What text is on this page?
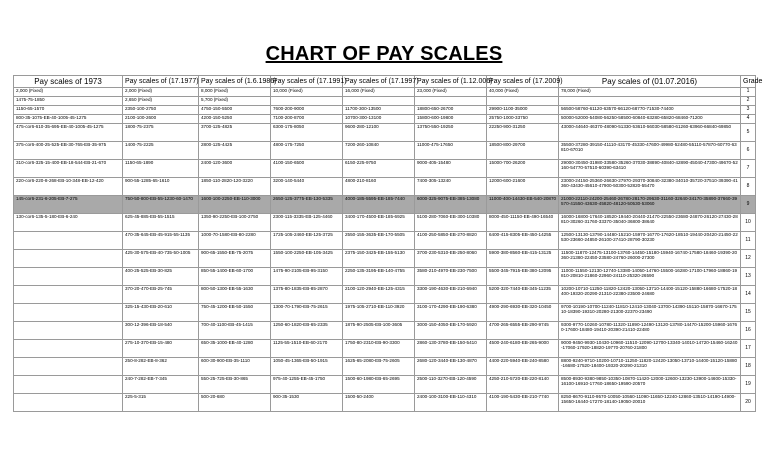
CHART OF PAY SCALES
Pay scales of 1973	Pay scales of (17.1977)	Pay scales of (1.6.1986)	Pay scales of (17.1991)	Pay scales of (17.1997)	Pay scales of (1.12.006)	Pay scales of (17.2009)	Pay scales of (01.07.2016)	Grade
2,000 (Fixed)	2,000 (Fixed)	8,000 (Fixed)	10,000 (Fixed)	16,000 (Fixed)	23,000 (Fixed)	40,000 (Fixed)	78,000 (Fixed)	1
1475-75-1850	2,650 (Fixed)	5,700 (Fixed)						2
1150-65-1570	2350-100-2750	4750-150-5500	7600-200-9000	11700-300-13500	18800-650-26700	29900-1100-35000	56500-58760-61120-63570-66120-68770-71530-74400	3
800-35-1075-EB-40-1005-45-1275	2100-100-2600	4200-150-5250	7100-200-8700	10700-300-13100	15800-600-19800	25750-1000-33750	50000-52000-54080-56250-58500-60840-63280-65820-68460-71200	4
475-cor6-610-35-695-EB-40-1005-45-1275	1800-75-2375	3700-125-4825	6300-175-8050	9600-280-12100	13750-550-19250	22250-900-31250	43000-44640-46370-48090-51330-53610-56030-58580-61260-63960-66840-69850	5
375-cor6-400-25-525-EB-30-765-EB-35-975	1400-75-2225	2800-125-4425	4800-175-7250	7200-260-10840	11000-475-17650	18500-800-29700	35500-37280-39150-41110-43170-45330-47600-49980-52480-55110-57870-60770-63810-67010	6
310-cor6-325-15-400-EB-18-544-EB-21-670	1150-65-1890	2400-120-3600	4100-150-6500	6150-225-9750	9000-405-15480	15000-700-26200	29000-30450-31980-33580-35260-37030-38890-40840-42890-45040-47300-49670-52160-54770-57510-60390-63410	7
220-cor6-220-8-268-EB-10-348-EB-12-420	900-55-1285-65-1610	1850-110-2820-120-3220	3200-140-5440	4800-210-8160	7400-305-13240	12000-600-21600	23000-24150-25360-26630-27970-29370-30840-32380-34010-35720-37510-39390-41360-43430-45610-47900-50300-52820-55470	8
145-cor6-231-6-205-EB-7-275	750-50-800-EB-55-1230-60-1470	1600-100-2250-EB-110-3000	2650-125-3775-EB-130-5335	4000-185-5595-EB-185-7440	6000-325-9075-EB-385-13080	11000-400-14430-EB-540-20870	21000-22110-24200-25460-26780-28170-29630-31160-32640-34170-35890-37660-39570-41550-43630-45820-48120-50530-53060	9
130-cor6-135-5-180-EB-6-240	625-45-885-EB-55-1515	1350-90-2250-EB-100-2750	2300-115-3335-EB-125-4460	3400-170-4500-EB-185-6925	5100-280-7060-EB-300-10380	8000-450-11150-EB-490-16540	16000-16800-17640-18520-19440-20440-21470-22550-23680-24870-26120-27430-28810-30260-31760-33370-35040-36800-38640	10
	470-35-645-EB-45-915-55-1135	1000-70-1580-EB-80-2280	1725-105-2460-EB-125-3725	2550-155-3635-EB-170-5505	4100-250-5850-EB-270-8820	6400-415-8305-EB-450-14255	12500-13130-13790-14480-15210-15970-16770-17620-18510-19440-20420-21450-22530-23660-24850-26100-27410-28790-30230	11
	425-30-575-EB-40-735-50-1005	900-65-1550-EB-75-2075	1550-100-2250-EB-105-3425	2375-150-3425-EB-155-5130	3700-230-5310-EB-250-8060	5900-380-8560-EB-415-13125	11500-11870-12475-13100-13760-14450-15180-15940-16740-17580-18460-19390-20360-21380-22450-23580-24760-26000-27300	12
	400-25-525-EB-30-825	850-55-1400-EB-60-1700	1475-90-2105-EB-95-3150	2250-135-3195-EB-140-4755	3580-210-4970-EB-230-7500	5500-345-7915-EB-380-12095	11000-11550-12130-12740-13380-14050-14760-15500-16280-17100-17960-18860-19810-20810-21860-22960-24110-25320-26590	13
	370-20-470-EB-25-745	800-50-1300-EB-55-1630	1375-80-1835-EB-85-2870	2100-120-2940-EB-125-4315	3300-190-4630-EB-210-6940	5200-320-7440-EB-345-11235	10200-10710-11250-11820-12420-13050-13710-14400-15120-15880-16680-17520-18400-19320-20290-21310-22380-23500-24680	14
	325-15-430-EB-20-610	750-45-1200-EB-50-1550	1300-70-1790-EB-75-2615	1975-105-2710-EB-110-3920	3100-170-4290-EB-190-6380	4900-290-6930-EB-320-10450	9700-10190-10700-11240-11810-12410-13040-13700-14390-15110-15870-16670-17510-18390-19310-20280-21300-22370-23490	15
	300-12-396-EB-18-540	700-40-1100-EB-45-1415	1250-60-1820-EB-65-2335	1875-90-2505-EB-100-3605	3000-150-4050-EB-170-5920	4700-265-6555-EB-290-9745	9300-9770-10260-10780-11320-11890-12490-13120-13780-14470-15200-15960-16760-17600-18480-19410-20390-21410-22480	16
	275-10-370-EB-15-480	650-35-1000-EB-40-1280	1125-55-1510-EB-60-2170	1750-80-2310-EB-90-3300	2860-130-3780-EB-150-5410	4500-240-6180-EB-265-9000	9000-9450-9930-10430-10960-11510-12090-12700-13340-14010-14720-15460-16240-17060-17920-18820-19770-20760-21800	17
	250-8-282-EB-8-362	600-30-900-EB-35-1110	1050-45-1365-EB-50-1915	1625-65-2080-EB-75-2605	2680-120-3440-EB-130-4870	4400-220-5940-EB-240-8580	8800-9240-9710-10200-10710-11250-11820-12420-13050-13710-14400-15120-15880-16680-17520-18400-19320-20290-21310	18
	240-7-282-EB-7-345	550-25-725-EB-30-865	975-40-1255-EB-45-1750	1500-60-1980-EB-65-2695	2500-110-3270-EB-120-4590	4250-210-5720-EB-220-8140	8500-8930-9380-9850-10350-10870-11420-12000-12600-13230-13900-14600-15330-16100-16910-17760-18650-19590-20570	19
	225-5-315	500-20-680	900-35-1530	1500-50-2400	2400-100-3100-EB-110-4310	4100-190-5430-EB-210-7740	8250-8670-9110-9570-10050-10560-11090-11650-12240-12860-13510-14190-14900-15650-16440-17270-18140-19050-20010	20
